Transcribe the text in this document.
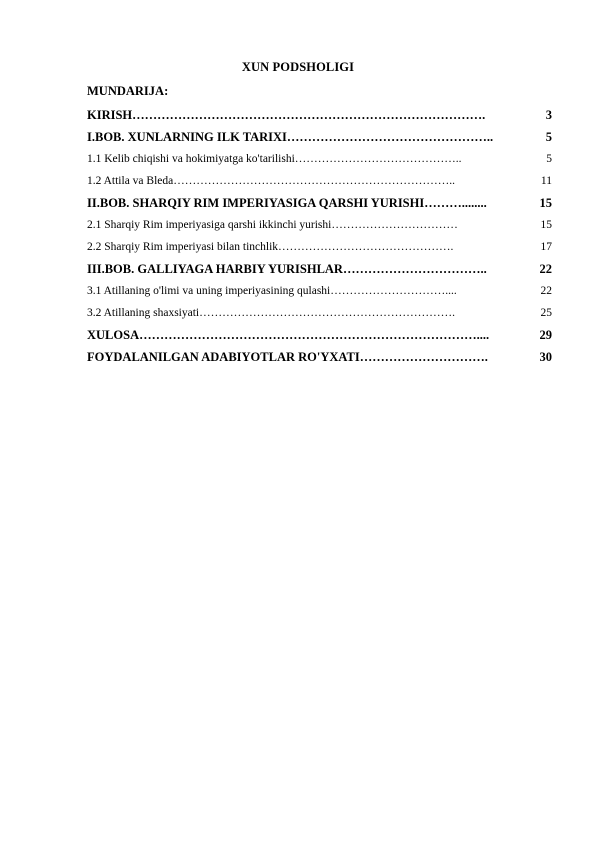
XUN PODSHOLIGI
MUNDARIJA:
KIRISH ………………………………………………………………………….	3
I.BOB. XUNLARNING ILK TARIXI …………………………………………..	5
1.1 Kelib chiqishi va hokimiyatga ko'tarilishi ……………………………………..	5
1.2 Attila va Bleda ………………………………………………………………..	11
II.BOB. SHARQIY RIM IMPERIYASIGA QARSHI YURISHI ………........	15
2.1 Sharqiy Rim imperiyasiga qarshi ikkinchi yurishi ……………………………	15
2.2 Sharqiy Rim imperiyasi bilan tinchlik ……………………………………….	17
III.BOB. GALLIYAGA HARBIY YURISHLAR ……………………………..	22
3.1 Atillaning o'limi va uning imperiyasining qulashi …………………………....	22
3.2 Atillaning shaxsiyati ………………………………………………………….	25
XULOSA ………………………………………………………………………....	29
FOYDALANILGAN ADABIYOTLAR RO'YXATI ………………………….	30
